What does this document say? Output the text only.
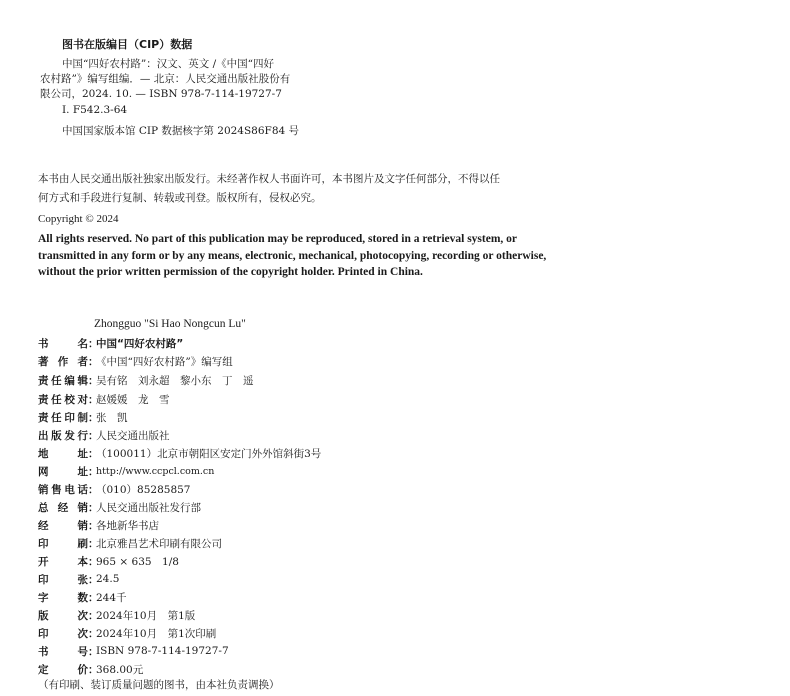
图书在版编目（CIP）数据
中国“四好农村路”：汉文、英文 /《中国“四好
农村路”》编写组编．— 北京：人民交通出版社股份有
限公司，2024. 10. — ISBN 978-7-114-19727-7
Ⅰ. F542.3-64
中国国家版本馆 CIP 数据核字第 2024S86F84 号
本书由人民交通出版社独家出版发行。未经著作权人书面许可，本书图片及文字任何部分，不得以任
何方式和手段进行复制、转载或刊登。版权所有，侵权必究。
Copyright © 2024
All rights reserved. No part of this publication may be reproduced, stored in a retrieval system, or
transmitted in any form or by any means, electronic, mechanical, photocopying, recording or otherwise,
without the prior written permission of the copyright holder. Printed in China.
Zhongguo "Si Hao Nongcun Lu"
书　　名 ：
中国“四好农村路”
著 作 者 ：
《中国“四好农村路”》编写组
责任编辑 ：
吴有铭　刘永超　黎小东　丁　遥
责任校对 ：
赵媛媛　龙　雪
责任印制 ：
张　凯
出版发行 ：
人民交通出版社
地　　址 ：
（100011）北京市朝阳区安定门外外馆斜街3号
网　　址 ：
http://www.ccpcl.com.cn
销售电话 ：
（010）85285857
总 经 销 ：
人民交通出版社发行部
经　　销 ：
各地新华书店
印　　刷 ：
北京雅昌艺术印刷有限公司
开　　本 ：
965 × 635　1/8
印　　张 ：
24.5
字　　数 ：
244千
版　　次 ：
2024年10月　第1版
印　　次 ：
2024年10月　第1次印刷
书　　号 ：
ISBN 978-7-114-19727-7
定　　价 ：
368.00元
（有印刷、装订质量问题的图书，由本社负责调换）
